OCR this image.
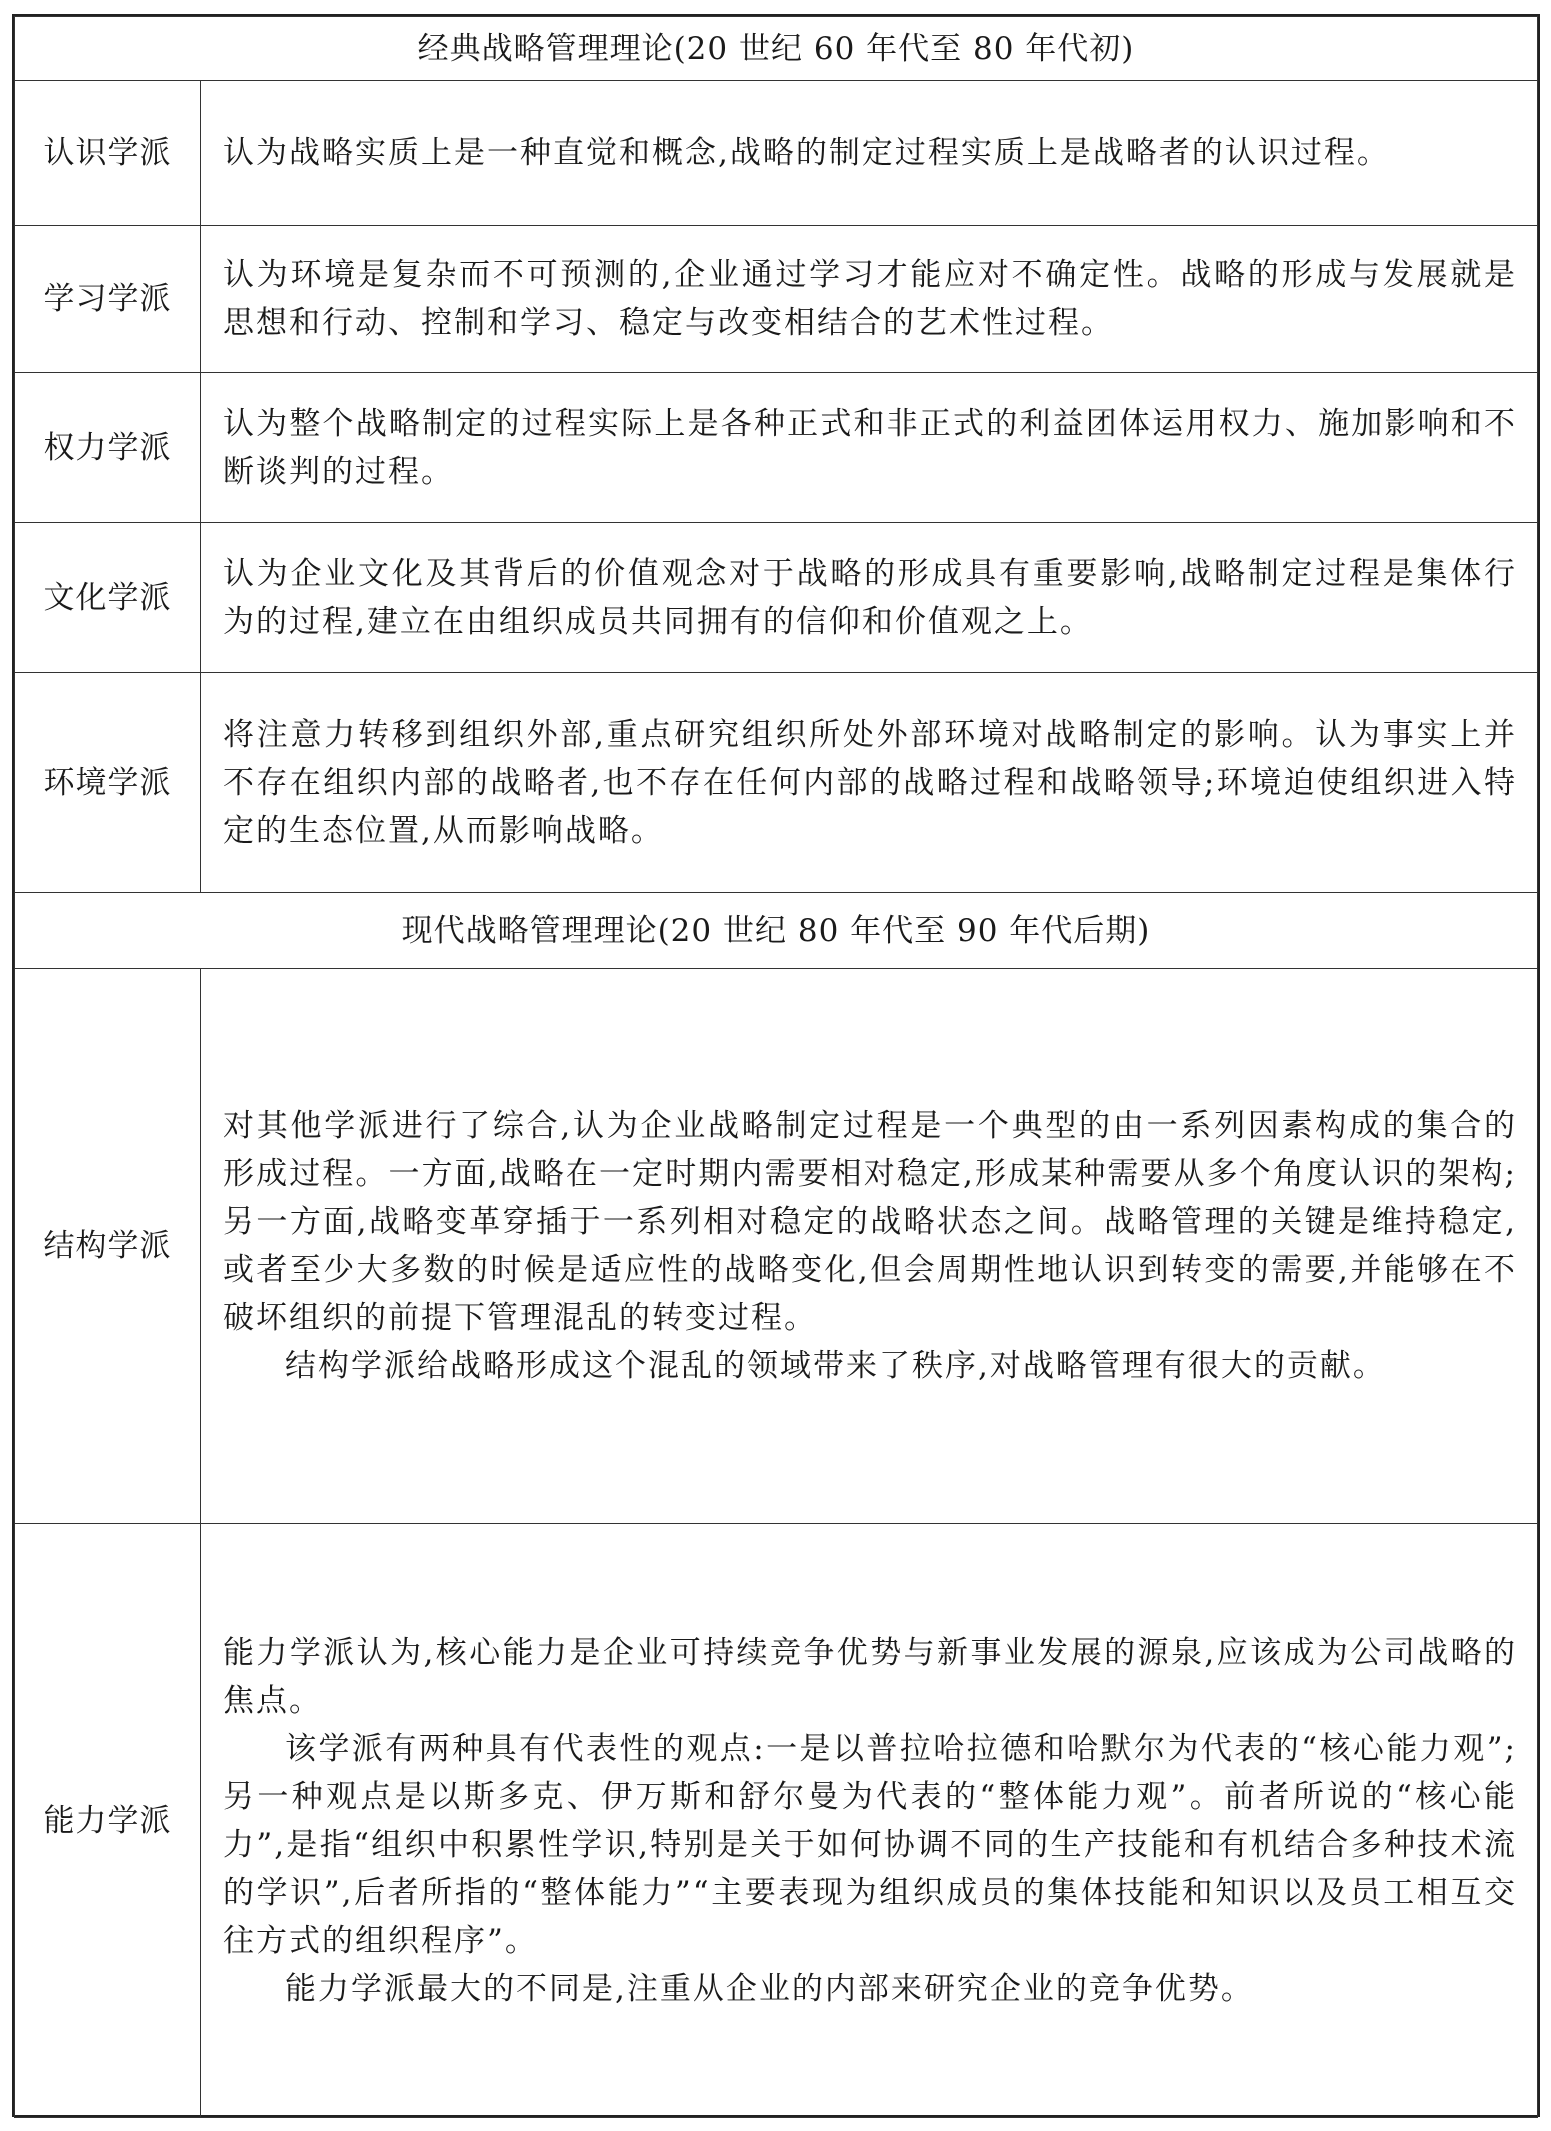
经典战略管理理论(20 世纪 60 年代至 80 年代初)	
认识学派	认为战略实质上是一种直觉和概念,战略的制定过程实质上是战略者的认识过程。

学习学派	认为环境是复杂而不可预测的,企业通过学习才能应对不确定性。战略的形成与发展就是思想和行动、控制和学习、稳定与改变相结合的艺术性过程。

权力学派	认为整个战略制定的过程实际上是各种正式和非正式的利益团体运用权力、施加影响和不断谈判的过程。

文化学派	认为企业文化及其背后的价值观念对于战略的形成具有重要影响,战略制定过程是集体行为的过程,建立在由组织成员共同拥有的信仰和价值观之上。

环境学派	将注意力转移到组织外部,重点研究组织所处外部环境对战略制定的影响。认为事实上并不存在组织内部的战略者,也不存在任何内部的战略过程和战略领导;环境迫使组织进入特定的生态位置,从而影响战略。

现代战略管理理论(20 世纪 80 年代至 90 年代后期)	
结构学派	对其他学派进行了综合,认为企业战略制定过程是一个典型的由一系列因素构成的集合的形成过程。一方面,战略在一定时期内需要相对稳定,形成某种需要从多个角度认识的架构;另一方面,战略变革穿插于一系列相对稳定的战略状态之间。战略管理的关键是维持稳定,或者至少大多数的时候是适应性的战略变化,但会周期性地认识到转变的需要,并能够在不破坏组织的前提下管理混乱的转变过程。

结构学派给战略形成这个混乱的领域带来了秩序,对战略管理有很大的贡献。

能力学派	能力学派认为,核心能力是企业可持续竞争优势与新事业发展的源泉,应该成为公司战略的焦点。

该学派有两种具有代表性的观点:一是以普拉哈拉德和哈默尔为代表的“核心能力观”;另一种观点是以斯多克、伊万斯和舒尔曼为代表的“整体能力观”。前者所说的“核心能力”,是指“组织中积累性学识,特别是关于如何协调不同的生产技能和有机结合多种技术流的学识”,后者所指的“整体能力”“主要表现为组织成员的集体技能和知识以及员工相互交往方式的组织程序”。

能力学派最大的不同是,注重从企业的内部来研究企业的竞争优势。
